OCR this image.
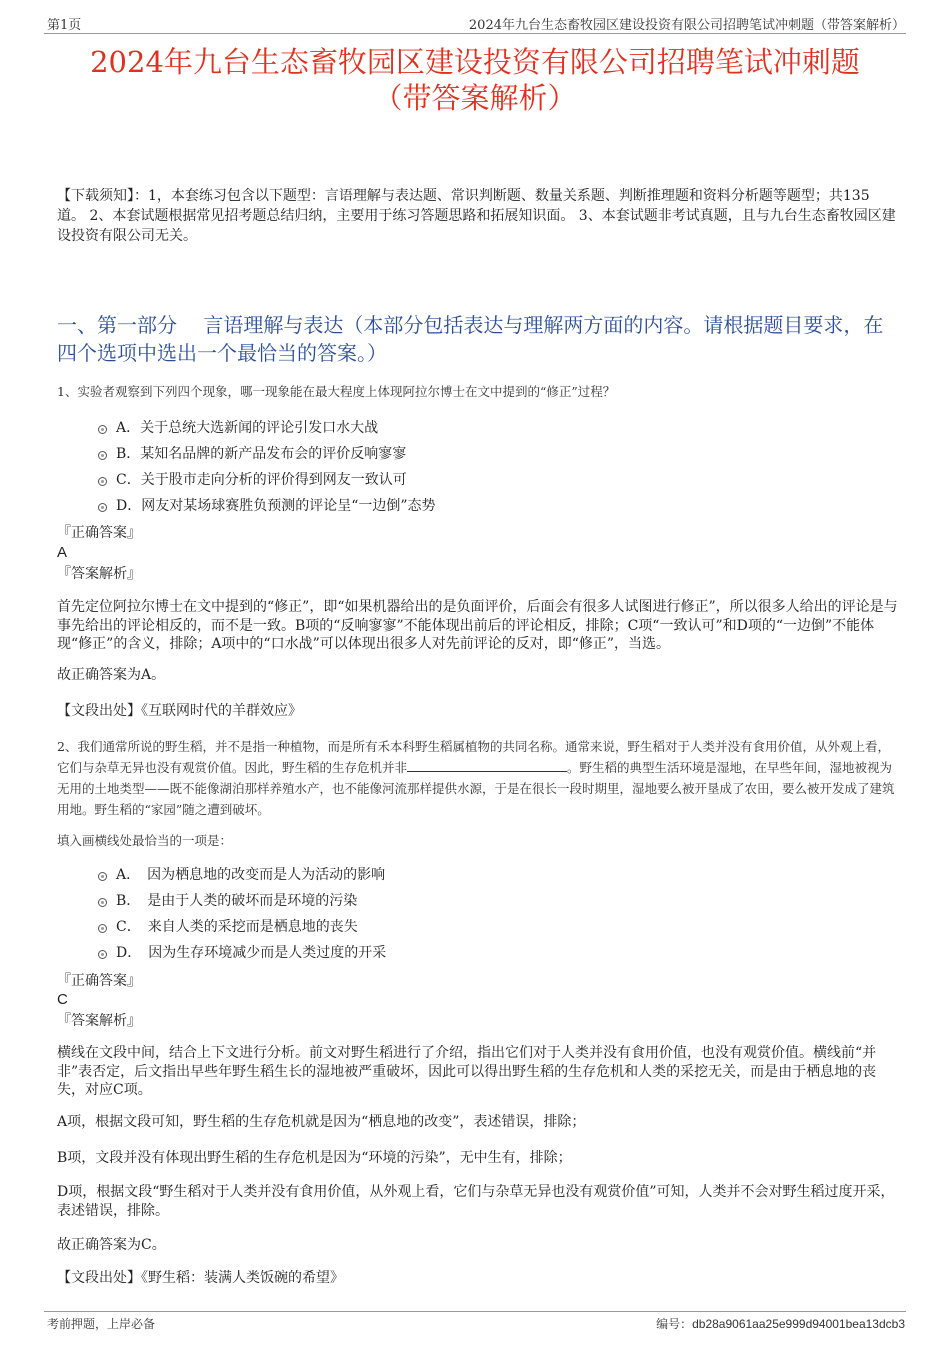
第1页	2024年九台生态畜牧园区建设投资有限公司招聘笔试冲刺题（带答案解析）
2024年九台生态畜牧园区建设投资有限公司招聘笔试冲刺题
（带答案解析）
【下载须知】：1，本套练习包含以下题型：言语理解与表达题、常识判断题、数量关系题、判断推理题和资料分析题等题型；共135道。 2、本套试题根据常见招考题总结归纳，主要用于练习答题思路和拓展知识面。 3、本套试题非考试真题，且与九台生态畜牧园区建设投资有限公司无关。
一、第一部分　 言语理解与表达（本部分包括表达与理解两方面的内容。请根据题目要求，在四个选项中选出一个最恰当的答案。）
1、实验者观察到下列四个现象，哪一现象能在最大程度上体现阿拉尔博士在文中提到的“修正”过程？
A．关于总统大选新闻的评论引发口水大战
B．某知名品牌的新产品发布会的评价反响寥寥
C．关于股市走向分析的评价得到网友一致认可
D．网友对某场球赛胜负预测的评论呈“一边倒”态势
『正确答案』
A
『答案解析』
首先定位阿拉尔博士在文中提到的“修正”，即“如果机器给出的是负面评价，后面会有很多人试图进行修正”，所以很多人给出的评论是与事先给出的评论相反的，而不是一致。B项的“反响寥寥”不能体现出前后的评论相反，排除；C项“一致认可”和D项的“一边倒”不能体现“修正”的含义，排除；A项中的“口水战”可以体现出很多人对先前评论的反对，即“修正”，当选。
故正确答案为A。
【文段出处】《互联网时代的羊群效应》
2、我们通常所说的野生稻，并不是指一种植物，而是所有禾本科野生稻属植物的共同名称。通常来说，野生稻对于人类并没有食用价值，从外观上看，它们与杂草无异也没有观赏价值。因此，野生稻的生存危机并非	。野生稻的典型生活环境是湿地，在早些年间，湿地被视为无用的土地类型——既不能像湖泊那样养殖水产，也不能像河流那样提供水源，于是在很长一段时期里，湿地要么被开垦成了农田，要么被开发成了建筑用地。野生稻的“家园”随之遭到破坏。
填入画横线处最恰当的一项是：
A．　因为栖息地的改变而是人为活动的影响
B．　是由于人类的破坏而是环境的污染
C．　来自人类的采挖而是栖息地的丧失
D．　因为生存环境减少而是人类过度的开采
『正确答案』
C
『答案解析』
横线在文段中间，结合上下文进行分析。前文对野生稻进行了介绍，指出它们对于人类并没有食用价值，也没有观赏价值。横线前“并非”表否定，后文指出早些年野生稻生长的湿地被严重破坏，因此可以得出野生稻的生存危机和人类的采挖无关，而是由于栖息地的丧失，对应C项。
A项，根据文段可知，野生稻的生存危机就是因为“栖息地的改变”，表述错误，排除；
B项，文段并没有体现出野生稻的生存危机是因为“环境的污染”，无中生有，排除；
D项，根据文段“野生稻对于人类并没有食用价值，从外观上看，它们与杂草无异也没有观赏价值”可知，人类并不会对野生稻过度开采，表述错误，排除。
故正确答案为C。
【文段出处】《野生稻：装满人类饭碗的希望》
考前押题，上岸必备	编号：db28a9061aa25e999d94001bea13dcb3
